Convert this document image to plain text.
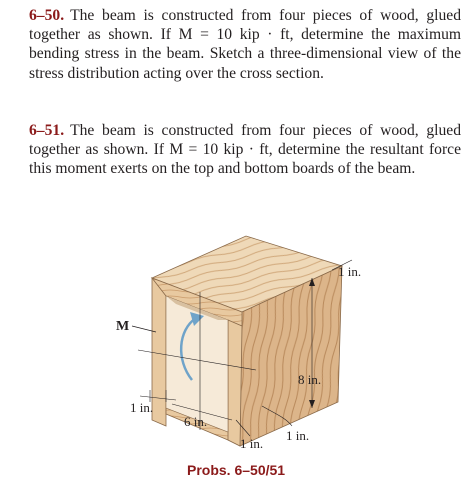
6–50. The beam is constructed from four pieces of wood, glued together as shown. If M = 10 kip · ft, determine the maximum bending stress in the beam. Sketch a three-dimensional view of the stress distribution acting over the cross section.

6–51. The beam is constructed from four pieces of wood, glued together as shown. If M = 10 kip · ft, determine the resultant force this moment exerts on the top and bottom boards of the beam.

M
1 in.
8 in.
1 in.
6 in.
1 in.
1 in.
Probs. 6–50/51
